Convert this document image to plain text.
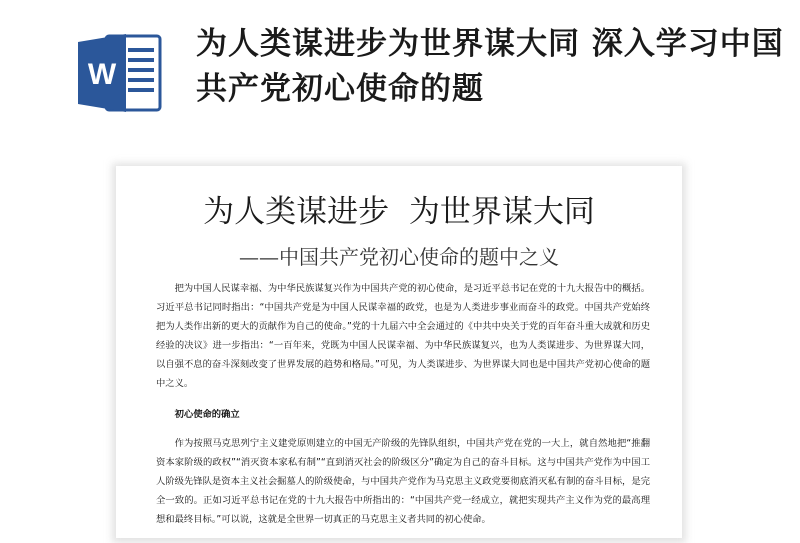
W
为人类谋进步为世界谋大同 深入学习中国共产党初心使命的题
为人类谋进步  为世界谋大同
——中国共产党初心使命的题中之义

把为中国人民谋幸福、为中华民族谋复兴作为中国共产党的初心使命，是习近平总书记在党的十九大报告中的概括。习近平总书记同时指出：“中国共产党是为中国人民谋幸福的政党，也是为人类进步事业而奋斗的政党。中国共产党始终把为人类作出新的更大的贡献作为自己的使命。”党的十九届六中全会通过的《中共中央关于党的百年奋斗重大成就和历史经验的决议》进一步指出：“一百年来，党既为中国人民谋幸福、为中华民族谋复兴，也为人类谋进步、为世界谋大同，以自强不息的奋斗深刻改变了世界发展的趋势和格局。”可见，为人类谋进步、为世界谋大同也是中国共产党初心使命的题中之义。

初心使命的确立

作为按照马克思列宁主义建党原则建立的中国无产阶级的先锋队组织，中国共产党在党的一大上，就自然地把“推翻资本家阶级的政权”“消灭资本家私有制”“直到消灭社会的阶级区分”确定为自己的奋斗目标。这与中国共产党作为中国工人阶级先锋队是资本主义社会掘墓人的阶级使命，与中国共产党作为马克思主义政党要彻底消灭私有制的奋斗目标，是完全一致的。正如习近平总书记在党的十九大报告中所指出的：“中国共产党一经成立，就把实现共产主义作为党的最高理想和最终目标。”可以说，这就是全世界一切真正的马克思主义者共同的初心使命。
